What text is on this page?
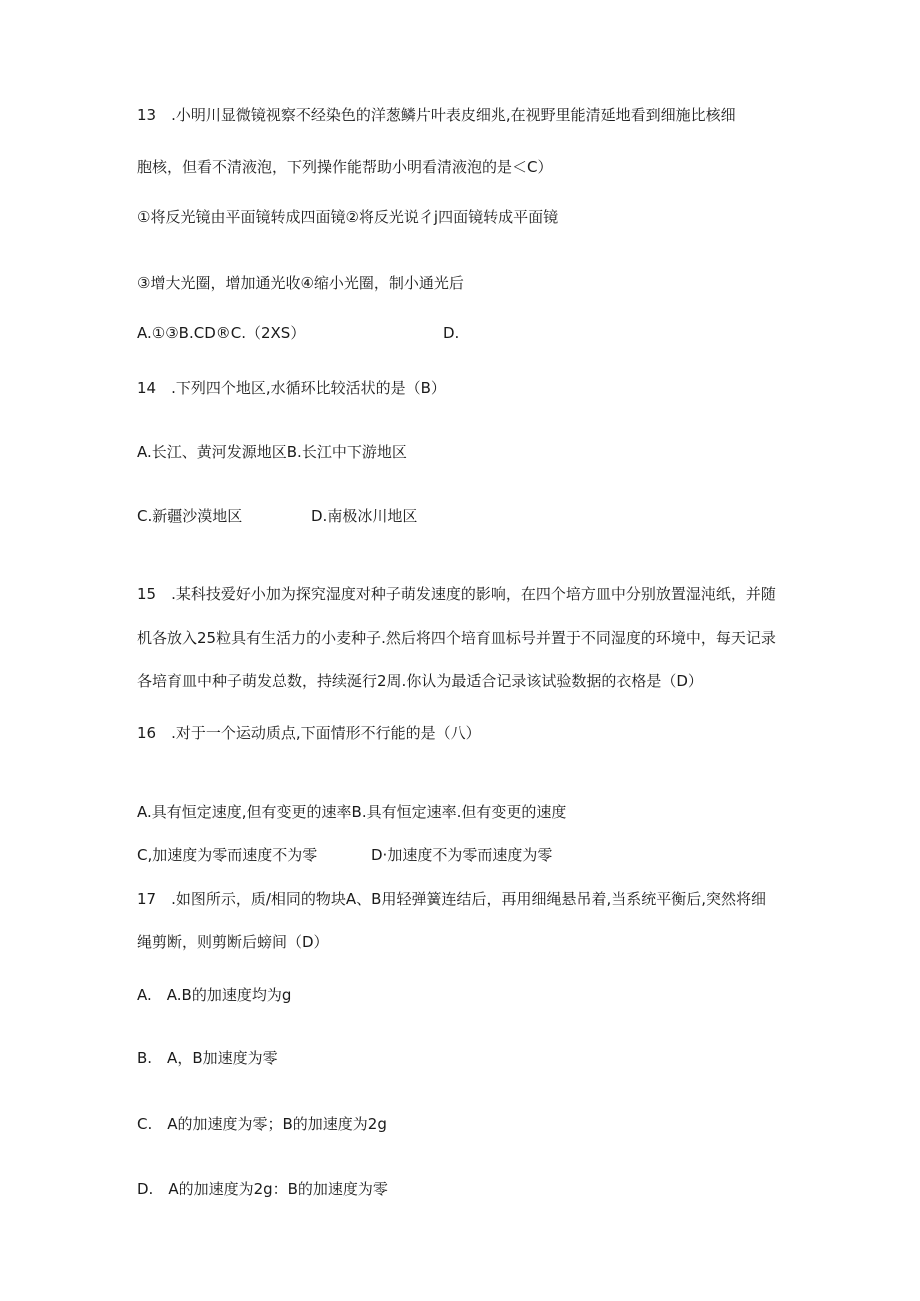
13　.小明川显微镜视察不经染色的洋葱鳞片叶表皮细兆,在视野里能清延地看到细施比核细
胞核，但看不清液泡，下列操作能帮助小明看清液泡的是＜C）
①将反光镜由平面镜转成四面镜②将反光说彳j四面镜转成平面镜
③增大光圈，增加通光收④缩小光圈，制小通光后
A.①③B.CD®C.（2XS）	D.
14　.下列四个地区,水循环比较活状的是（B）
A.长江、黄河发源地区B.长江中下游地区
C.新疆沙漠地区	D.南极冰川地区
15　.某科技爱好小加为探究湿度对种子萌发速度的影响，在四个培方皿中分别放置湿沌纸，并随
机各放入25粒具有生活力的小麦种子.然后将四个培育皿标号并置于不同湿度的环境中，每天记录
各培育皿中种子萌发总数，持续涎行2周.你认为最适合记录该试验数据的衣格是（D）
16　.对于一个运动质点,下面情形不行能的是（八）
A.具有恒定速度,但有变更的速率B.具有恒定速率.但有变更的速度
C,加速度为零而速度不为零	D·加速度不为零而速度为零
17　.如图所示，质/相同的物块A、B用轻弹簧连结后，再用细绳悬吊着,当系统平衡后,突然将细
绳剪断，则剪断后螃间（D）
A.　A.B的加速度均为g
B.　A，B加速度为零
C.　A的加速度为零；B的加速度为2g
D.　A的加速度为2g：B的加速度为零
